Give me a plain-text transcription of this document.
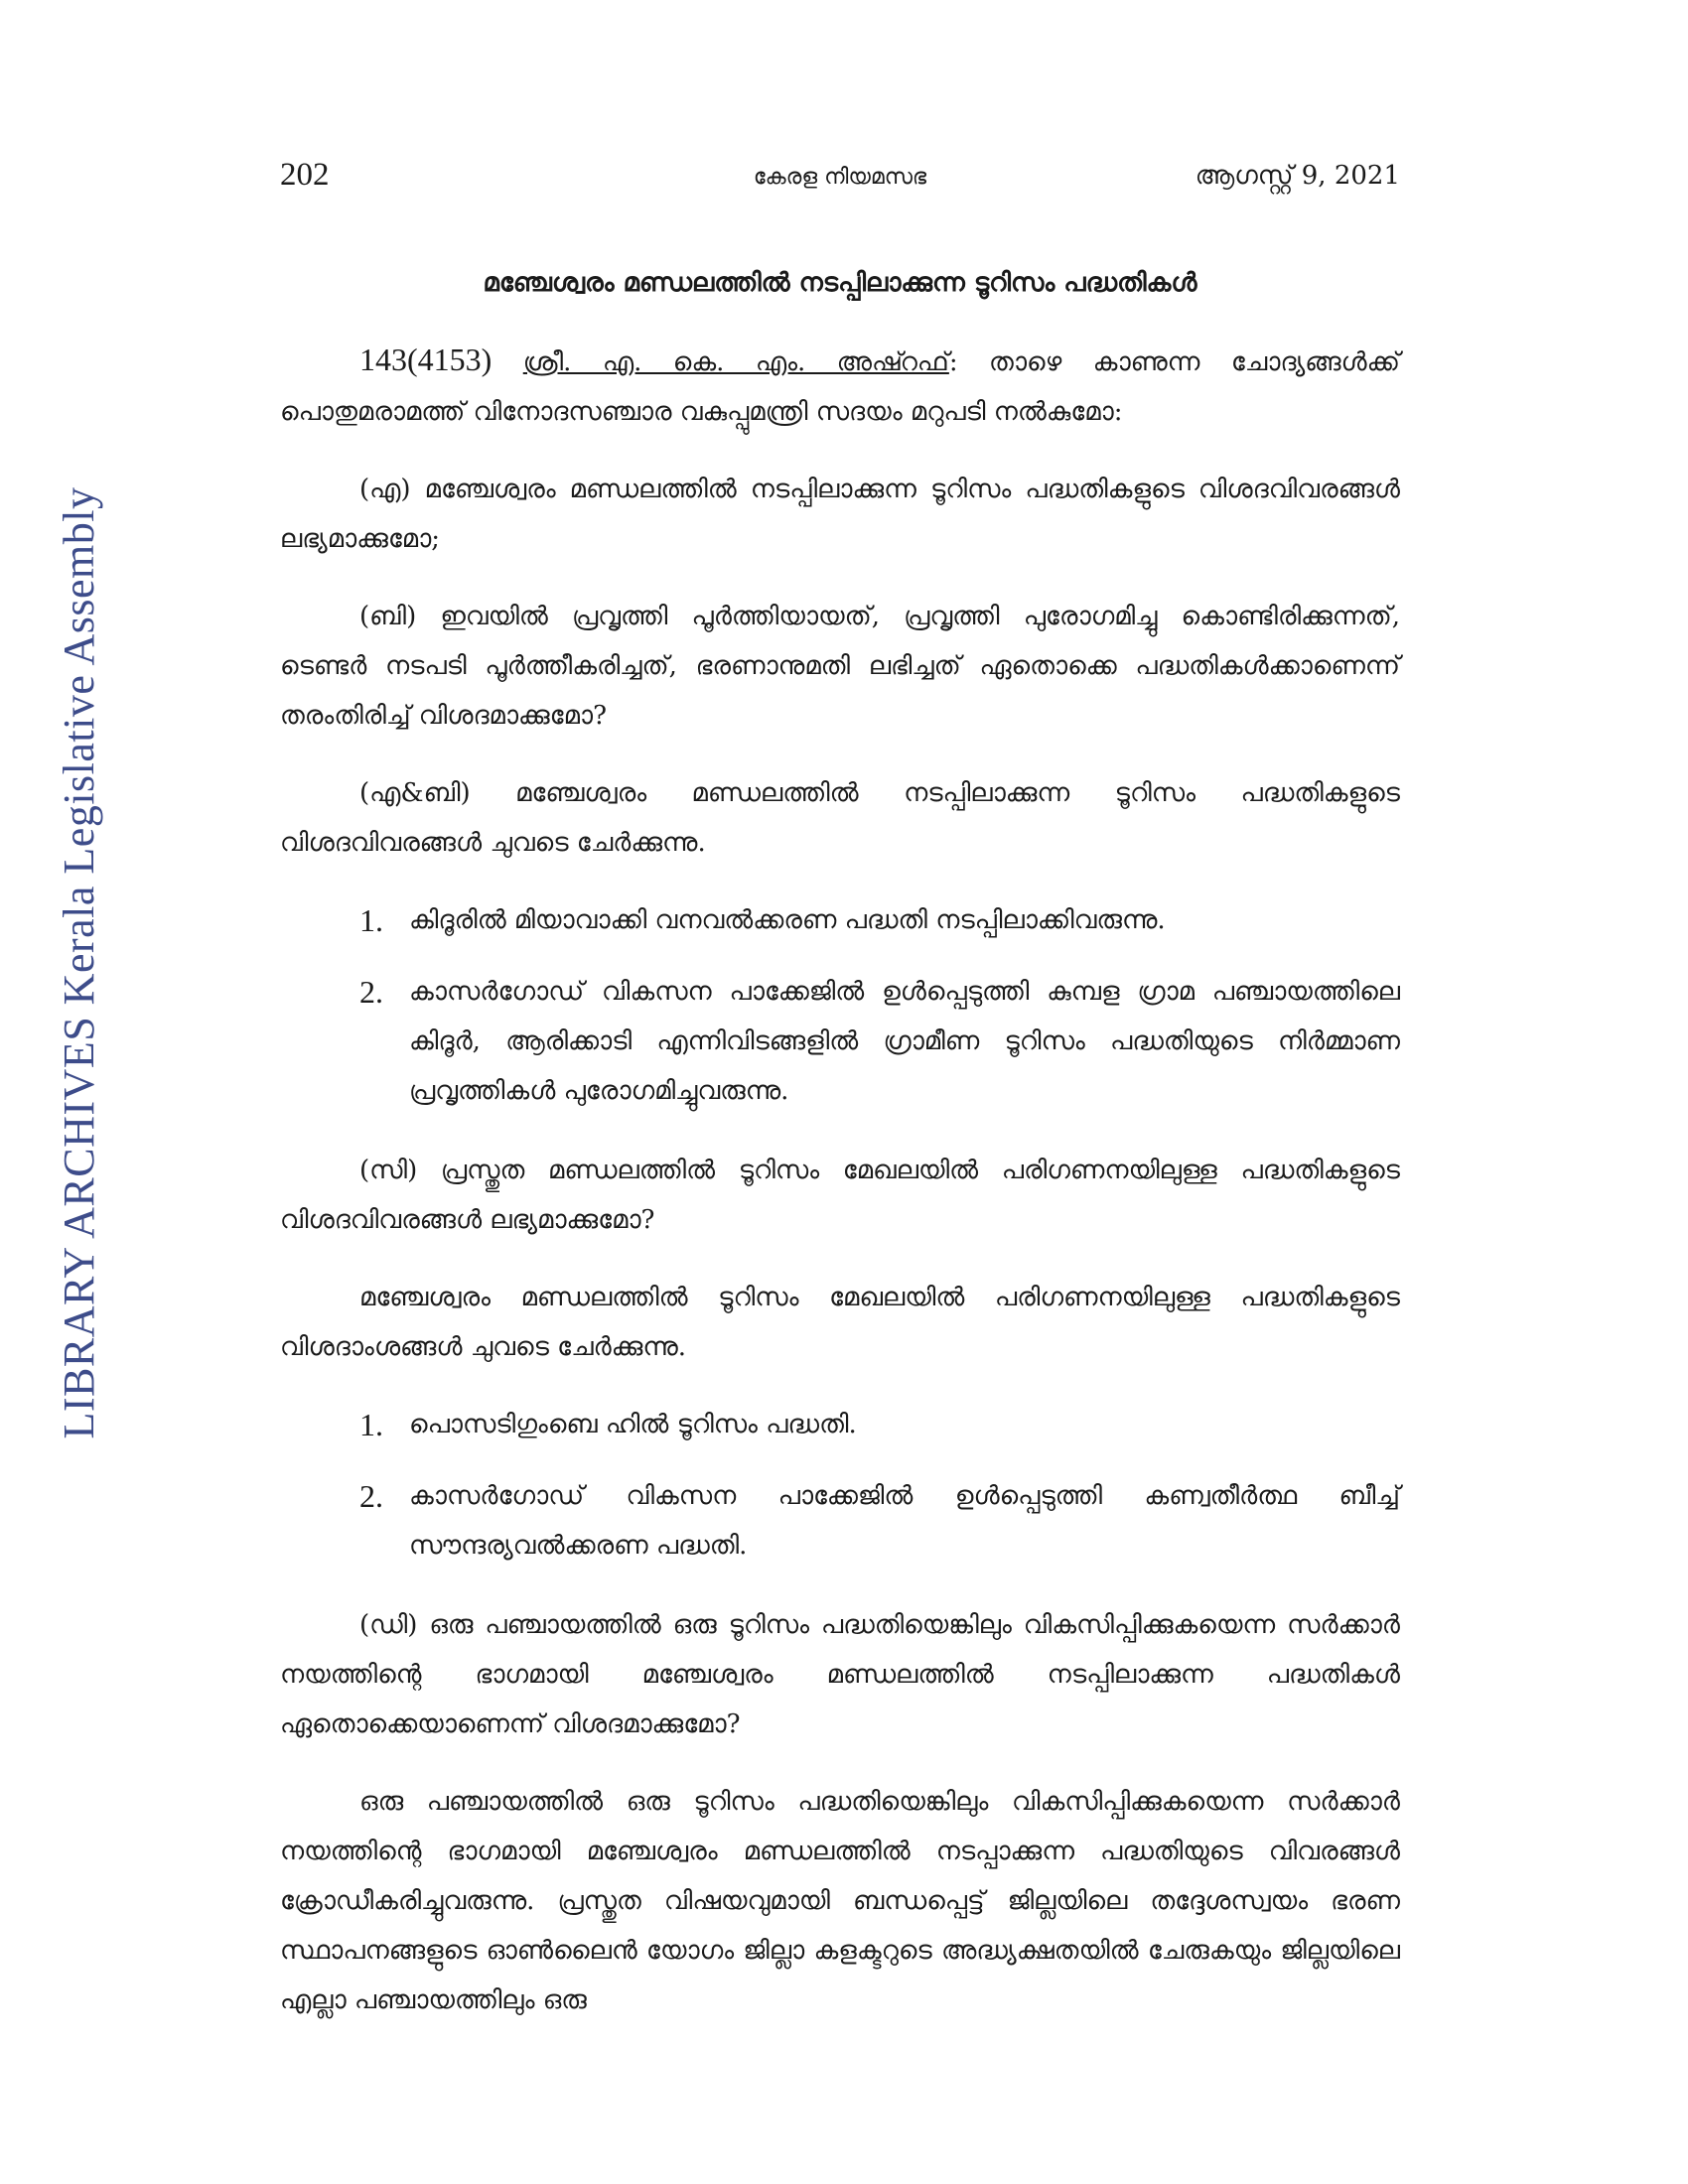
LIBRARY ARCHIVES Kerala Legislative Assembly
202	കേരള നിയമസഭ	ആഗസ്റ്റ് 9, 2021
മഞ്ചേശ്വരം മണ്ഡലത്തിൽ നടപ്പിലാക്കുന്ന ടൂറിസം പദ്ധതികൾ

143(4153) ശ്രീ. എ. കെ. എം. അഷ്റഫ്: താഴെ കാണുന്ന ചോദ്യങ്ങൾക്ക് പൊതുമരാമത്ത് വിനോദസഞ്ചാര വകുപ്പുമന്ത്രി സദയം മറുപടി നൽകുമോ:

(എ) മഞ്ചേശ്വരം മണ്ഡലത്തിൽ നടപ്പിലാക്കുന്ന ടൂറിസം പദ്ധതികളുടെ വിശദവിവരങ്ങൾ ലഭ്യമാക്കുമോ;

(ബി) ഇവയിൽ പ്രവൃത്തി പൂർത്തിയായത്, പ്രവൃത്തി പുരോഗമിച്ചു കൊണ്ടിരിക്കുന്നത്, ടെണ്ടർ നടപടി പൂർത്തീകരിച്ചത്, ഭരണാനുമതി ലഭിച്ചത് ഏതൊക്കെ പദ്ധതികൾക്കാണെന്ന് തരംതിരിച്ച് വിശദമാക്കുമോ?

(എ&ബി) മഞ്ചേശ്വരം മണ്ഡലത്തിൽ നടപ്പിലാക്കുന്ന ടൂറിസം പദ്ധതികളുടെ വിശദവിവരങ്ങൾ ചുവടെ ചേർക്കുന്നു.

1. കിദൂരിൽ മിയാവാക്കി വനവൽക്കരണ പദ്ധതി നടപ്പിലാക്കിവരുന്നു.
2. കാസർഗോഡ് വികസന പാക്കേജിൽ ഉൾപ്പെടുത്തി കുമ്പള ഗ്രാമ പഞ്ചായത്തിലെ കിദൂർ, ആരിക്കാടി എന്നിവിടങ്ങളിൽ ഗ്രാമീണ ടൂറിസം പദ്ധതിയുടെ നിർമ്മാണ പ്രവൃത്തികൾ പുരോഗമിച്ചുവരുന്നു.

(സി) പ്രസ്തുത മണ്ഡലത്തിൽ ടൂറിസം മേഖലയിൽ പരിഗണനയിലുള്ള പദ്ധതികളുടെ വിശദവിവരങ്ങൾ ലഭ്യമാക്കുമോ?

മഞ്ചേശ്വരം മണ്ഡലത്തിൽ ടൂറിസം മേഖലയിൽ പരിഗണനയിലുള്ള പദ്ധതികളുടെ വിശദാംശങ്ങൾ ചുവടെ ചേർക്കുന്നു.

1. പൊസടിഗുംബെ ഹിൽ ടൂറിസം പദ്ധതി.
2. കാസർഗോഡ് വികസന പാക്കേജിൽ ഉൾപ്പെടുത്തി കണ്വതീർത്ഥ ബീച്ച് സൗന്ദര്യവൽക്കരണ പദ്ധതി.

(ഡി) ഒരു പഞ്ചായത്തിൽ ഒരു ടൂറിസം പദ്ധതിയെങ്കിലും വികസിപ്പിക്കുകയെന്ന സർക്കാർ നയത്തിന്റെ ഭാഗമായി മഞ്ചേശ്വരം മണ്ഡലത്തിൽ നടപ്പിലാക്കുന്ന പദ്ധതികൾ ഏതൊക്കെയാണെന്ന് വിശദമാക്കുമോ?

ഒരു പഞ്ചായത്തിൽ ഒരു ടൂറിസം പദ്ധതിയെങ്കിലും വികസിപ്പിക്കുകയെന്ന സർക്കാർ നയത്തിന്റെ ഭാഗമായി മഞ്ചേശ്വരം മണ്ഡലത്തിൽ നടപ്പാക്കുന്ന പദ്ധതിയുടെ വിവരങ്ങൾ ക്രോഡീകരിച്ചുവരുന്നു. പ്രസ്തുത വിഷയവുമായി ബന്ധപ്പെട്ട് ജില്ലയിലെ തദ്ദേശസ്വയം ഭരണ സ്ഥാപനങ്ങളുടെ ഓൺലൈൻ യോഗം ജില്ലാ കളക്ടറുടെ അദ്ധ്യക്ഷതയിൽ ചേരുകയും ജില്ലയിലെ എല്ലാ പഞ്ചായത്തിലും ഒരു
